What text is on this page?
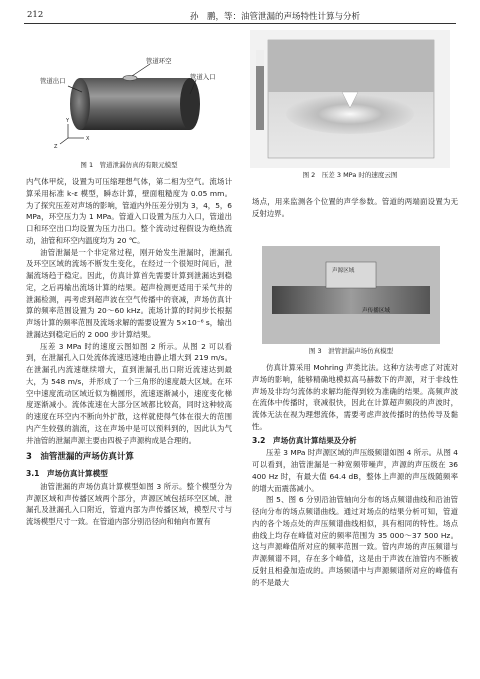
212	孙　鹏，等：油管泄漏的声场特性计算与分析
X
Y
Z
管道环空
管道出口	管道入口
图 1　管道泄漏仿真的有限元模型
图 2　压差 3 MPa 时的速度云图

场点，用来监测各个位置的声学参数。管道的两端面设置为无反射边界。

声源区域
声传播区域
图 3　泄管泄漏声场仿真模型

内气体甲烷，设置为可压缩理想气体，第二相为空气。流场计算采用标准 k-ε 模型，瞬态计算，壁面粗糙度为 0.05 mm。为了探究压差对声场的影响，管道内外压差分别为 3，4，5，6 MPa，环空压力为 1 MPa。管道入口设置为压力入口，管道出口和环空出口均设置为压力出口。整个流动过程假设为绝热流动，油管和环空内温度均为 20 ℃。

油管泄漏是一个非定常过程，刚开始发生泄漏时，泄漏孔及环空区域的流场不断发生变化，在经过一个很短时间后，泄漏流场趋于稳定。因此，仿真计算首先需要计算到泄漏达到稳定，之后再输出流场计算的结果。超声检测更适用于采气井的泄漏检测，再考虑到超声波在空气传播中的衰减，声场仿真计算的频率范围设置为 20～60 kHz。流场计算的时间步长根据声场计算的频率范围及流场求解的需要设置为 5×10⁻⁶ s，输出泄漏达到稳定后的 2 000 步计算结果。

压差 3 MPa 时的速度云图如图 2 所示。从图 2 可以看到，在泄漏孔入口处流体流速迅速地由静止增大到 219 m/s。在泄漏孔内流速继续增大，直到泄漏孔出口附近流速达到最大，为 548 m/s，并形成了一个三角形的速度最大区域。在环空中速度流动区域近似为椭圆形，流速逐渐减小，速度变化梯度逐渐减小。流体流速在大部分区域都比较高，同时这种较高的速度在环空内不断向外扩散，这样就使得气体在很大的范围内产生较强的湍流，这在声场中是可以预料到的，因此认为气井油管的泄漏声源主要由四极子声源构成是合理的。

3　油管泄漏的声场仿真计算
3.1　声场仿真计算模型

油管泄漏的声场仿真计算模型如图 3 所示。整个模型分为声源区域和声传播区域两个部分，声源区域包括环空区域、泄漏孔及泄漏孔入口附近，管道内部为声传播区域，模型尺寸与流场模型尺寸一致。在管道内部分别沿径向和轴向布置有

仿真计算采用 Mohring 声类比法。这种方法考虑了对流对声场的影响，能够精确地模拟高马赫数下的声源，对于非线性声场及非均匀流体的求解均能得到较为准确的结果。高频声波在流体中传播时，衰减很快，因此在计算超声频段的声波时，流体无法在视为理想流体，需要考虑声波传播时的热传导及黏性。

3.2　声场仿真计算结果及分析

压差 3 MPa 时声源区域的声压级频谱如图 4 所示。从图 4 可以看到，油管泄漏是一种宽频带噪声，声源的声压级在 36 400 Hz 时，有最大值 64.4 dB，整体上声源的声压级随频率的增大而震荡减小。

图 5、图 6 分别沿油管轴向分布的场点频谱曲线和沿油管径向分布的场点频谱曲线。通过对场点的结果分析可知，管道内的各个场点处的声压频谱曲线相似，具有相同的特性。场点曲线上均存在峰值对应的频率范围为 35 000～37 500 Hz。这与声源峰值所对应的频率范围一致。管内声场的声压频谱与声源频谱不同，存在多个峰值，这是由于声波在油管内不断被反射且相叠加造成的。声场频谱中与声源频谱所对应的峰值有的不是最大
